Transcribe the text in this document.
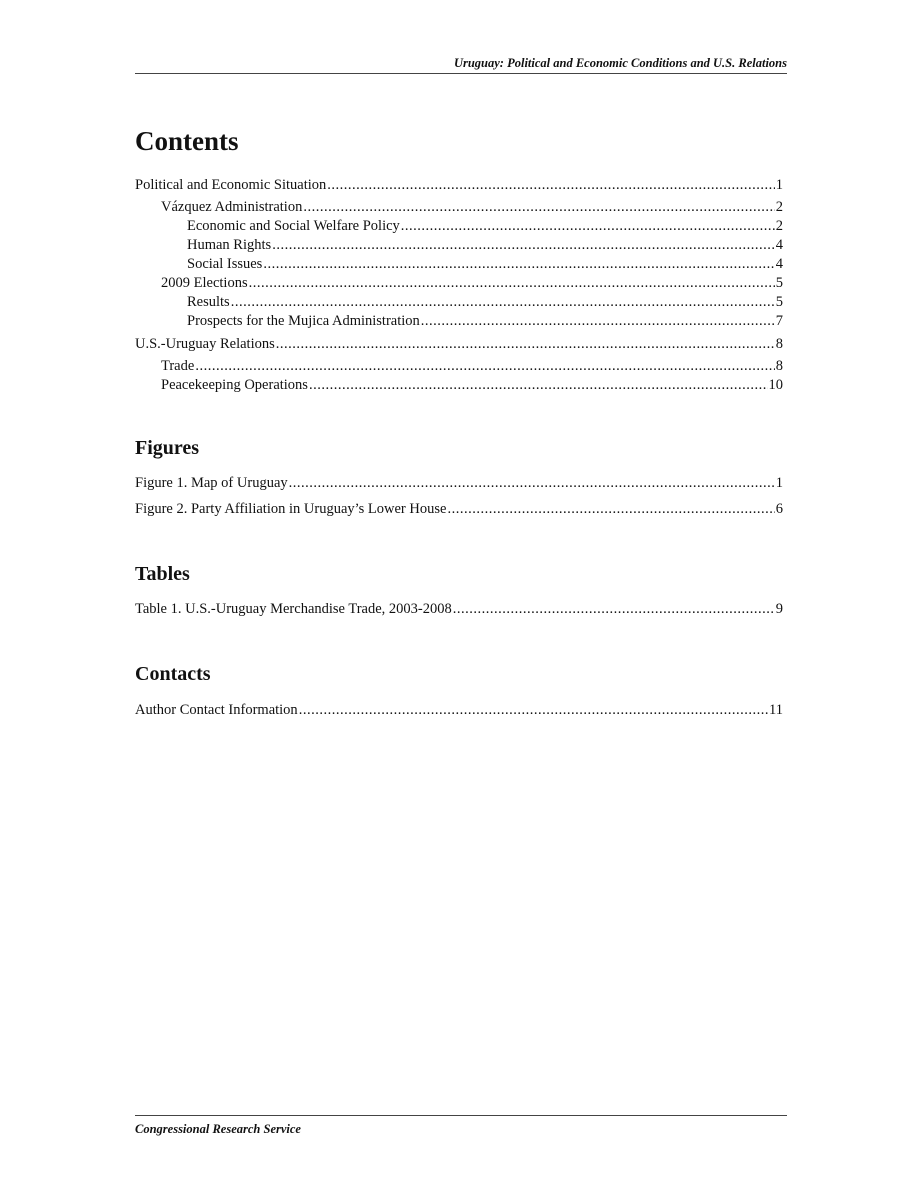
Uruguay: Political and Economic Conditions and U.S. Relations
Contents
Political and Economic Situation .....	1
Vázquez Administration .....	2
Economic and Social Welfare Policy .....	2
Human Rights .....	4
Social Issues .....	4
2009 Elections .....	5
Results .....	5
Prospects for the Mujica Administration .....	7
U.S.-Uruguay Relations .....	8
Trade .....	8
Peacekeeping Operations .....	10
Figures
Figure 1. Map of Uruguay .....	1
Figure 2. Party Affiliation in Uruguay’s Lower House .....	6
Tables
Table 1. U.S.-Uruguay Merchandise Trade, 2003-2008 .....	9
Contacts
Author Contact Information .....	11
Congressional Research Service
